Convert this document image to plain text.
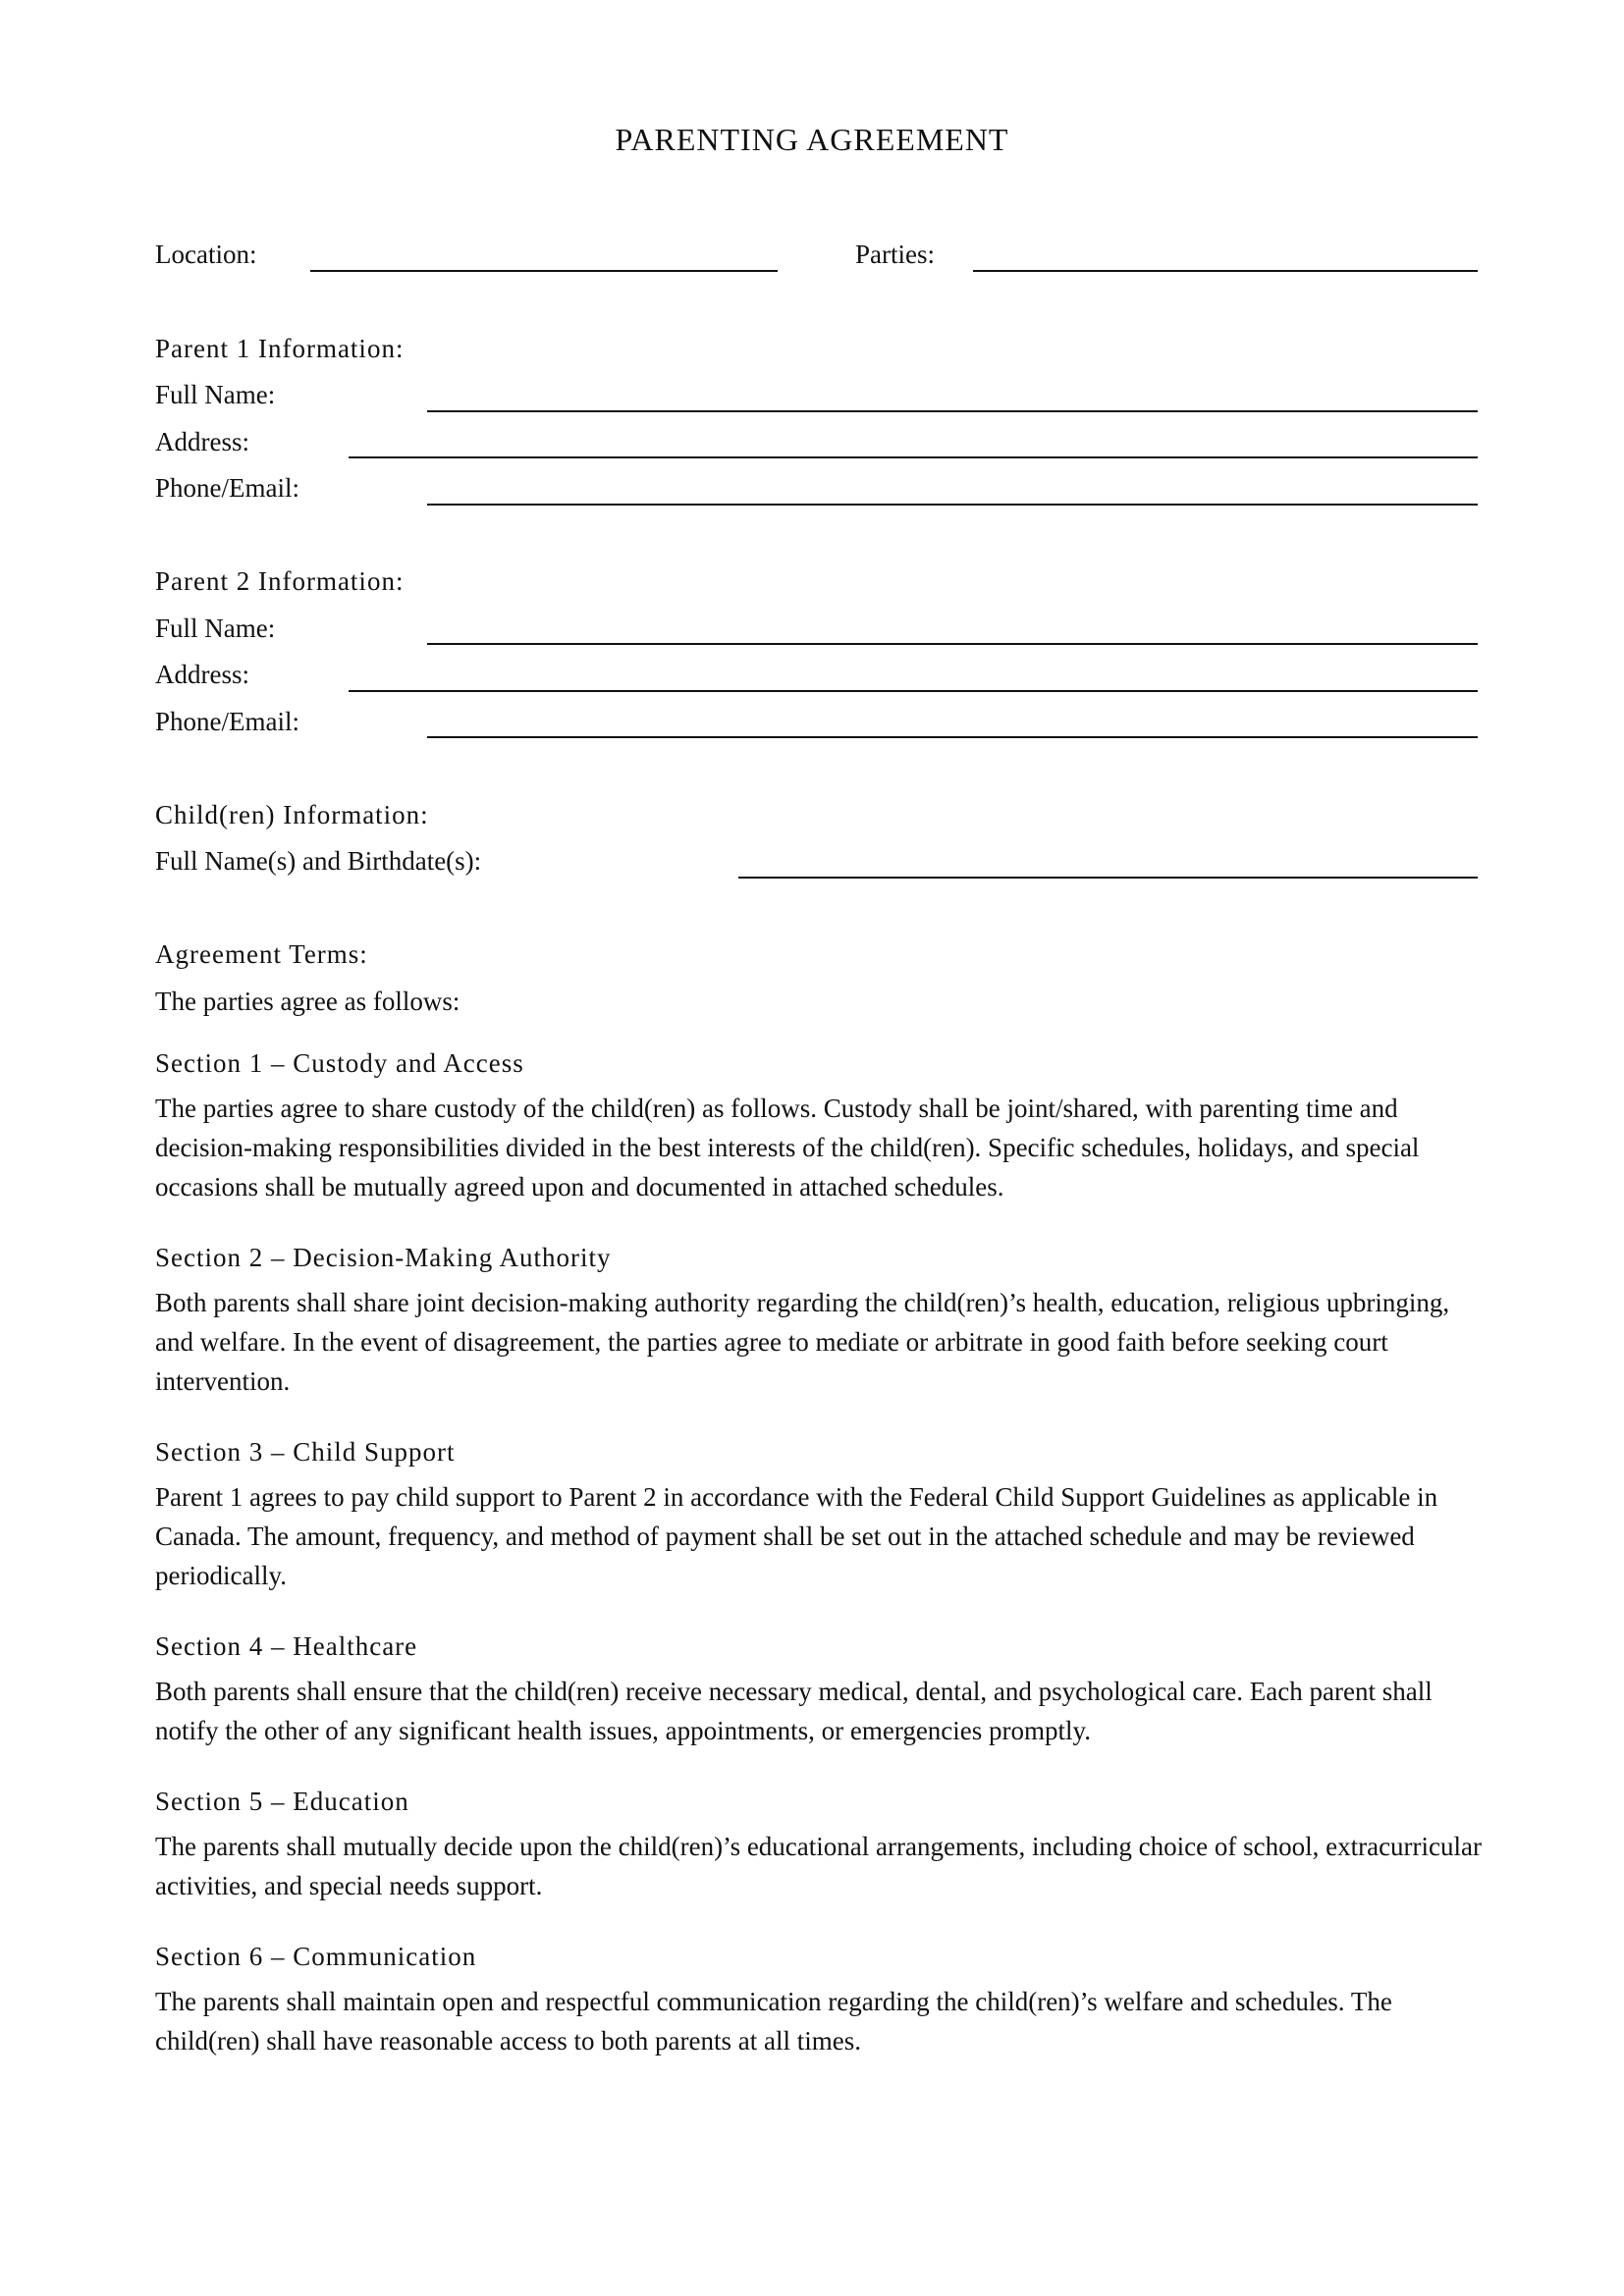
PARENTING AGREEMENT
Location:	Parties:
Parent 1 Information:
Full Name:
Address:
Phone/Email:
Parent 2 Information:
Full Name:
Address:
Phone/Email:
Child(ren) Information:
Full Name(s) and Birthdate(s):
Agreement Terms:
The parties agree as follows:
Section 1 – Custody and Access

The parties agree to share custody of the child(ren) as follows. Custody shall be joint/shared, with parenting time and decision-making responsibilities divided in the best interests of the child(ren). Specific schedules, holidays, and special occasions shall be mutually agreed upon and documented in attached schedules.

Section 2 – Decision-Making Authority

Both parents shall share joint decision-making authority regarding the child(ren)’s health, education, religious upbringing, and welfare. In the event of disagreement, the parties agree to mediate or arbitrate in good faith before seeking court intervention.

Section 3 – Child Support

Parent 1 agrees to pay child support to Parent 2 in accordance with the Federal Child Support Guidelines as applicable in Canada. The amount, frequency, and method of payment shall be set out in the attached schedule and may be reviewed periodically.

Section 4 – Healthcare

Both parents shall ensure that the child(ren) receive necessary medical, dental, and psychological care. Each parent shall notify the other of any significant health issues, appointments, or emergencies promptly.

Section 5 – Education

The parents shall mutually decide upon the child(ren)’s educational arrangements, including choice of school, extracurricular activities, and special needs support.

Section 6 – Communication

The parents shall maintain open and respectful communication regarding the child(ren)’s welfare and schedules. The child(ren) shall have reasonable access to both parents at all times.
